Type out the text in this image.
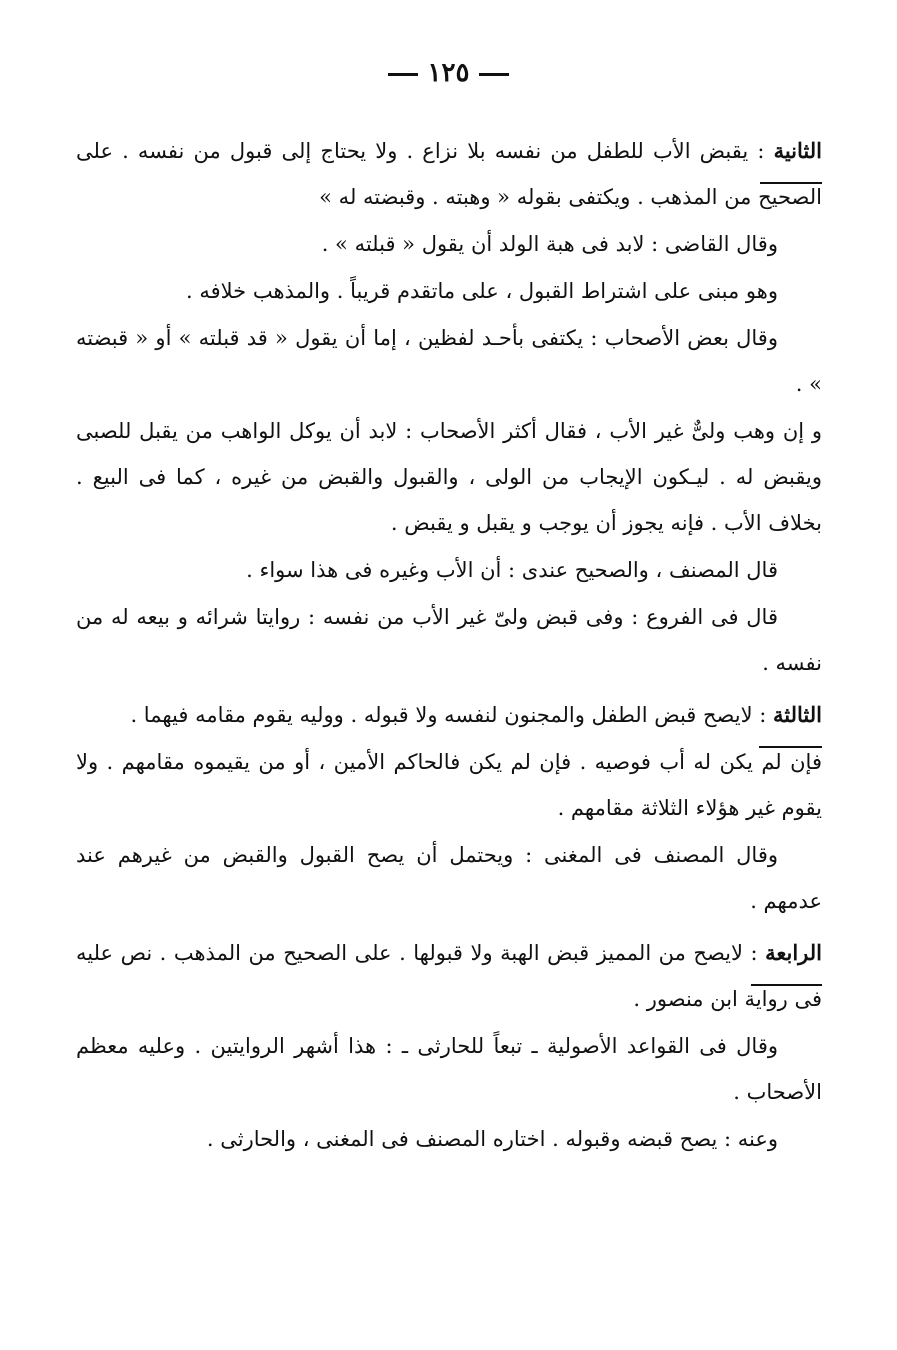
١٢٥

الثانية : يقبض الأب للطفل من نفسه بلا نزاع . ولا يحتاج إلى قبول من نفسه . على الصحيح من المذهب . ويكتفى بقوله « وهبته . وقبضته له »

وقال القاضى : لابد فى هبة الولد أن يقول « قبلته » .

وهو مبنى على اشتراط القبول ، على ماتقدم قريباً . والمذهب خلافه .

وقال بعض الأصحاب : يكتفى بأحـد لفظين ، إما أن يقول « قد قبلته » أو « قبضته » .

و إن وهب ولىٌّ غير الأب ، فقال أكثر الأصحاب : لابد أن يوكل الواهب من يقبل للصبى ويقبض له . ليـكون الإيجاب من الولى ، والقبول والقبض من غيره ، كما فى البيع . بخلاف الأب . فإنه يجوز أن يوجب و يقبل و يقبض .

قال المصنف ، والصحيح عندى : أن الأب وغيره فى هذا سواء .

قال فى الفروع : وفى قبض ولىّ غير الأب من نفسه : روايتا شرائه و بيعه له من نفسه .

الثالثة : لايصح قبض الطفل والمجنون لنفسه ولا قبوله . ووليه يقوم مقامه فيهما .

فإن لم يكن له أب فوصيه . فإن لم يكن فالحاكم الأمين ، أو من يقيموه مقامهم . ولا يقوم غير هؤلاء الثلاثة مقامهم .

وقال المصنف فى المغنى : ويحتمل أن يصح القبول والقبض من غيرهم عند عدمهم .

الرابعة : لايصح من المميز قبض الهبة ولا قبولها . على الصحيح من المذهب . نص عليه فى رواية ابن منصور .

وقال فى القواعد الأصولية ـ تبعاً للحارثى ـ : هذا أشهر الروايتين . وعليه معظم الأصحاب .

وعنه : يصح قبضه وقبوله . اختاره المصنف فى المغنى ، والحارثى .
